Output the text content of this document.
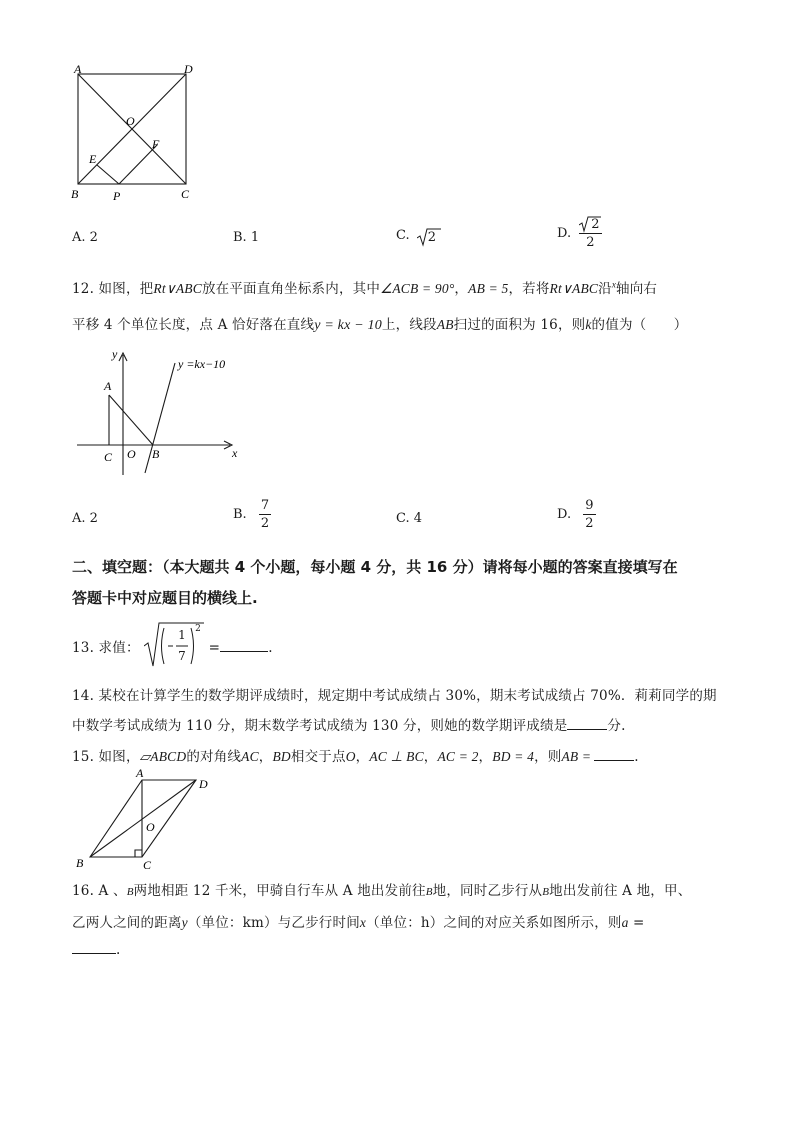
A	D
O
E
F
B	P	C
A. 2	B. 1	C. 2	D. $\frac{2}{2}$
12. 如图，把Rt∨ABC放在平面直角坐标系内，其中∠ACB = 90°，AB = 5，若将Rt∨ABC沿$^x$轴向右
平移 4 个单位长度，点 A 恰好落在直线y = kx − 10上，线段AB扫过的面积为 16，则k的值为（　　）
y
y =kx−10
A
C O B	x
A. 2	B. $\frac{7}{2}$	C. 4	D. $\frac{9}{2}$
二、填空题：（本大题共 4 个小题，每小题 4 分，共 16 分）请将每小题的答案直接填写在
答题卡中对应题目的横线上.
13. 求值：
1
7
2
=	.
14. 某校在计算学生的数学期评成绩时，规定期中考试成绩占 30%，期末考试成绩占 70%．莉莉同学的期
中数学考试成绩为 110 分，期末数学考试成绩为 130 分，则她的数学期评成绩是	分.
15. 如图，▱ABCD的对角线AC，BD相交于点O，AC ⊥ BC，AC = 2，BD = 4，则AB =	.
A
D
O
B	C
16. A 、B两地相距 12 千米，甲骑自行车从 A 地出发前往B地，同时乙步行从B地出发前往 A 地，甲、
乙两人之间的距离y（单位：km）与乙步行时间x（单位：h）之间的对应关系如图所示，则a =
.
